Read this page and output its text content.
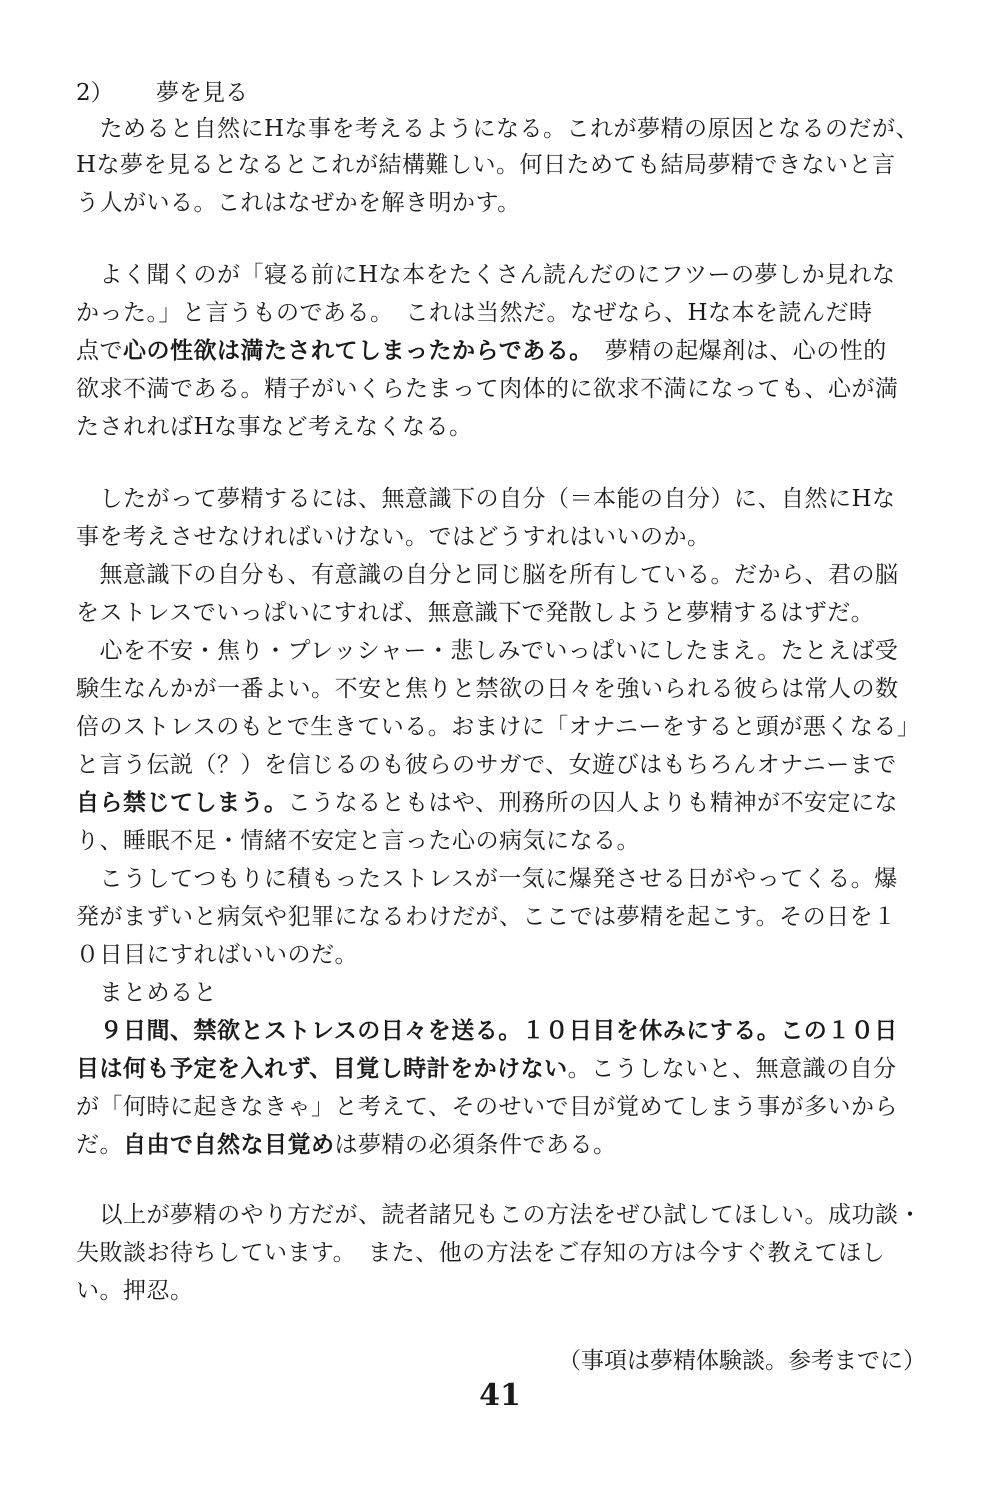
2） 夢を見る
　ためると自然にHな事を考えるようになる。これが夢精の原因となるのだが、
Hな夢を見るとなるとこれが結構難しい。何日ためても結局夢精できないと言
う人がいる。これはなぜかを解き明かす。
　よく聞くのが「寝る前にHな本をたくさん読んだのにフツーの夢しか見れな
かった。」と言うものである。　これは当然だ。なぜなら、Hな本を読んだ時
点で心の性欲は満たされてしまったからである。　夢精の起爆剤は、心の性的
欲求不満である。精子がいくらたまって肉体的に欲求不満になっても、心が満
たされればHな事など考えなくなる。
　したがって夢精するには、無意識下の自分（＝本能の自分）に、自然にHな
事を考えさせなければいけない。ではどうすれはいいのか。
　無意識下の自分も、有意識の自分と同じ脳を所有している。だから、君の脳
をストレスでいっぱいにすれば、無意識下で発散しようと夢精するはずだ。
　心を不安・焦り・プレッシャー・悲しみでいっぱいにしたまえ。たとえば受
験生なんかが一番よい。不安と焦りと禁欲の日々を強いられる彼らは常人の数
倍のストレスのもとで生きている。おまけに「オナニーをすると頭が悪くなる」
と言う伝説（？）を信じるのも彼らのサガで、女遊びはもちろんオナニーまで
自ら禁じてしまう。こうなるともはや、刑務所の囚人よりも精神が不安定にな
り、睡眠不足・情緒不安定と言った心の病気になる。
　こうしてつもりに積もったストレスが一気に爆発させる日がやってくる。爆
発がまずいと病気や犯罪になるわけだが、ここでは夢精を起こす。その日を１
０日目にすればいいのだ。
　まとめると
　９日間、禁欲とストレスの日々を送る。１０日目を休みにする。この１０日
目は何も予定を入れず、目覚し時計をかけない。こうしないと、無意識の自分
が「何時に起きなきゃ」と考えて、そのせいで目が覚めてしまう事が多いから
だ。自由で自然な目覚めは夢精の必須条件である。
　以上が夢精のやり方だが、読者諸兄もこの方法をぜひ試してほしい。成功談・
失敗談お待ちしています。　また、他の方法をご存知の方は今すぐ教えてほし
い。押忍。
（事項は夢精体験談。参考までに）
41
